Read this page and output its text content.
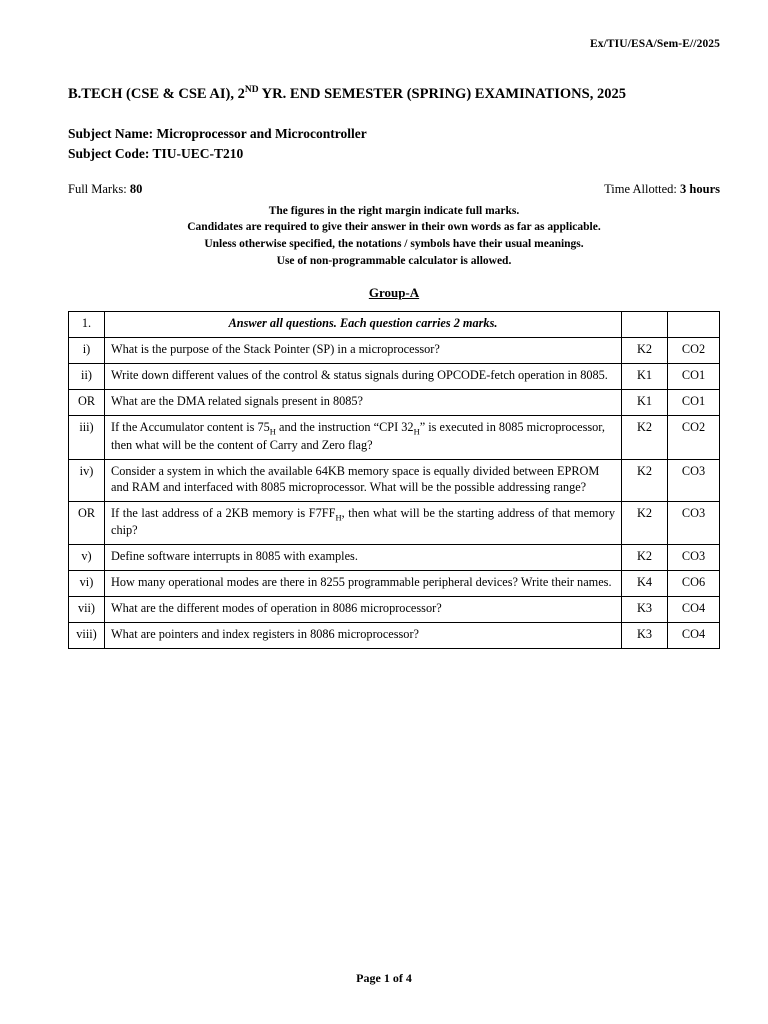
Ex/TIU/ESA/Sem-E//2025
B.TECH (CSE & CSE AI), 2ND YR. END SEMESTER (SPRING) EXAMINATIONS, 2025
Subject Name: Microprocessor and Microcontroller
Subject Code: TIU-UEC-T210
Full Marks: 80	Time Allotted: 3 hours
The figures in the right margin indicate full marks.
Candidates are required to give their answer in their own words as far as applicable.
Unless otherwise specified, the notations / symbols have their usual meanings.
Use of non-programmable calculator is allowed.
Group-A
1.	Answer all questions. Each question carries 2 marks.		
i)	What is the purpose of the Stack Pointer (SP) in a microprocessor?	K2	CO2
ii)	Write down different values of the control & status signals during OPCODE-fetch operation in 8085.	K1	CO1
OR	What are the DMA related signals present in 8085?	K1	CO1
iii)	If the Accumulator content is $75_H$ and the instruction “CPI $32_H$” is executed in 8085 microprocessor, then what will be the content of Carry and Zero flag?	K2	CO2
iv)	Consider a system in which the available 64KB memory space is equally divided between EPROM and RAM and interfaced with 8085 microprocessor. What will be the possible addressing range?	K2	CO3
OR	If the last address of a 2KB memory is $F7FF_H$, then what will be the starting address of that memory chip?	K2	CO3
v)	Define software interrupts in 8085 with examples.	K2	CO3
vi)	How many operational modes are there in 8255 programmable peripheral devices? Write their names.	K4	CO6
vii)	What are the different modes of operation in 8086 microprocessor?	K3	CO4
viii)	What are pointers and index registers in 8086 microprocessor?	K3	CO4
Page 1 of 4
